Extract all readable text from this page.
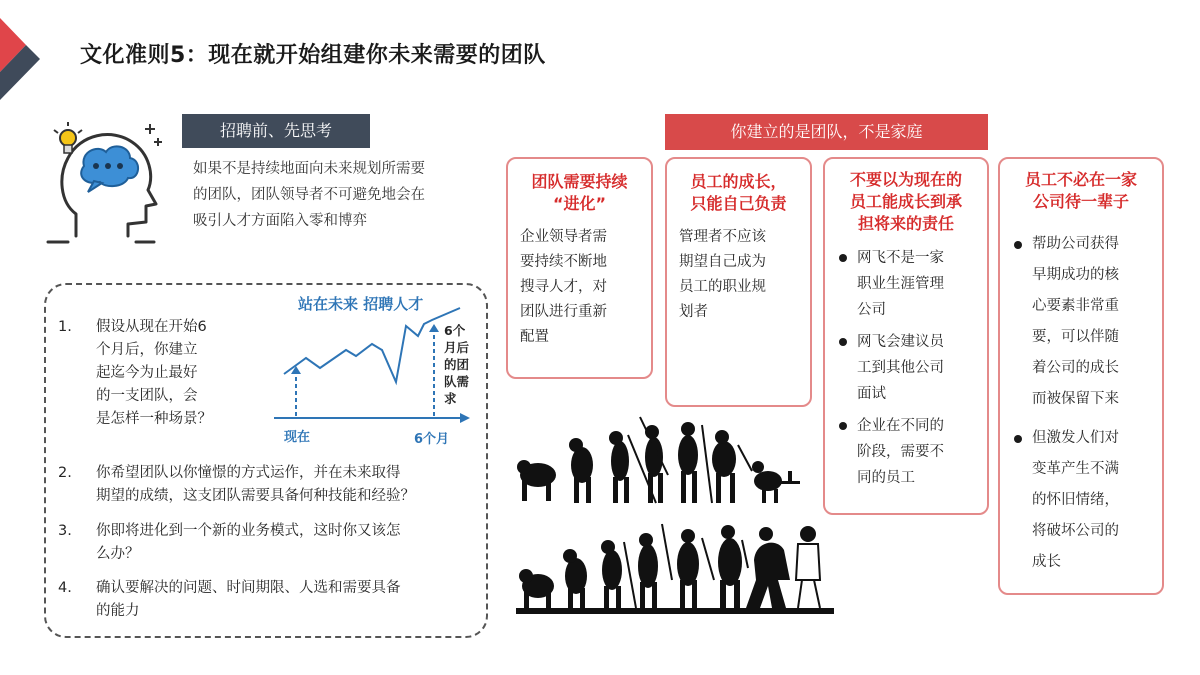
文化准则5：现在就开始组建你未来需要的团队
招聘前、先思考
如果不是持续地面向未来规划所需要
的团队，团队领导者不可避免地会在
吸引人才方面陷入零和博弈
1. 假设从现在开始6
个月后，你建立
起迄今为止最好
的一支团队，会
是怎样一种场景？
站在未来 招聘人才
现在	6个月
6个
月后
的团
队需
求
2. 你希望团队以你憧憬的方式运作，并在未来取得
期望的成绩，这支团队需要具备何种技能和经验？
3. 你即将进化到一个新的业务模式，这时你又该怎
么办？
4. 确认要解决的问题、时间期限、人选和需要具备
的能力
你建立的是团队，不是家庭
团队需要持续
“进化”
企业领导者需
要持续不断地
搜寻人才，对
团队进行重新
配置
员工的成长，
只能自己负责
管理者不应该
期望自己成为
员工的职业规
划者
不要以为现在的
员工能成长到承
担将来的责任
网飞不是一家
职业生涯管理
公司
网飞会建议员
工到其他公司
面试
企业在不同的
阶段，需要不
同的员工
员工不必在一家
公司待一辈子
帮助公司获得
早期成功的核
心要素非常重
要，可以伴随
着公司的成长
而被保留下来
但激发人们对
变革产生不满
的怀旧情绪，
将破坏公司的
成长
